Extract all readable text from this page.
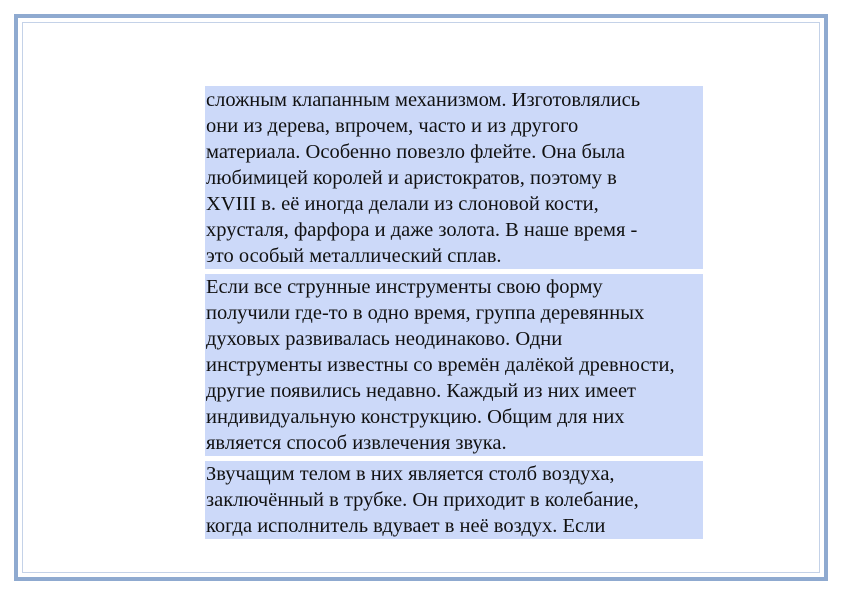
сложным клапанным механизмом. Изготовлялись
они из дерева, впрочем, часто и из другого
материала. Особенно повезло флейте. Она была
любимицей королей и аристократов, поэтому в
XVIII в. её иногда делали из слоновой кости,
хрусталя, фарфора и даже золота. В наше время -
это особый металлический сплав.

Если все струнные инструменты свою форму
получили где-то в одно время, группа деревянных
духовых развивалась неодинаково. Одни
инструменты известны со времён далёкой древности,
другие появились недавно. Каждый из них имеет
индивидуальную конструкцию. Общим для них
является способ извлечения звука.

Звучащим телом в них является столб воздуха,
заключённый в трубке. Он приходит в колебание,
когда исполнитель вдувает в неё воздух. Если
